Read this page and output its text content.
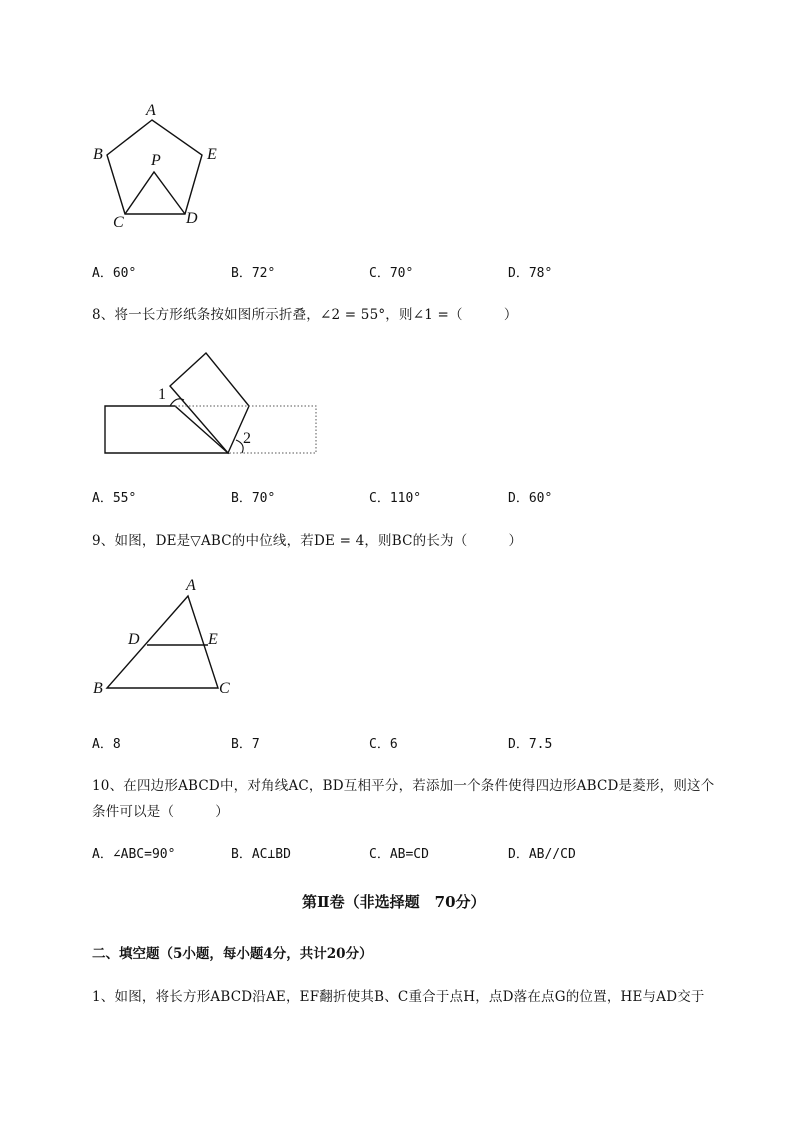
A
B	E
P
C	D
A．60°	B．72°	C．70°	D．78°
8、将一长方形纸条按如图所示折叠，∠2 = 55°，则∠1 =（　　　）
1
2
A．55°	B．70°	C．110°	D．60°
9、如图，DE是▽ABC的中位线，若DE = 4，则BC的长为（　　　）
A
D	E
B	C
A．8	B．7	C．6	D．7.5
10、在四边形ABCD中，对角线AC，BD互相平分，若添加一个条件使得四边形ABCD是菱形，则这个
条件可以是（　　　）
A．∠ABC=90°	B．AC⊥BD	C．AB=CD	D．AB//CD
第Ⅱ卷（非选择题　70分）
二、填空题（5小题，每小题4分，共计20分）
1、如图，将长方形ABCD沿AE，EF翻折使其B、C重合于点H，点D落在点G的位置，HE与AD交于
